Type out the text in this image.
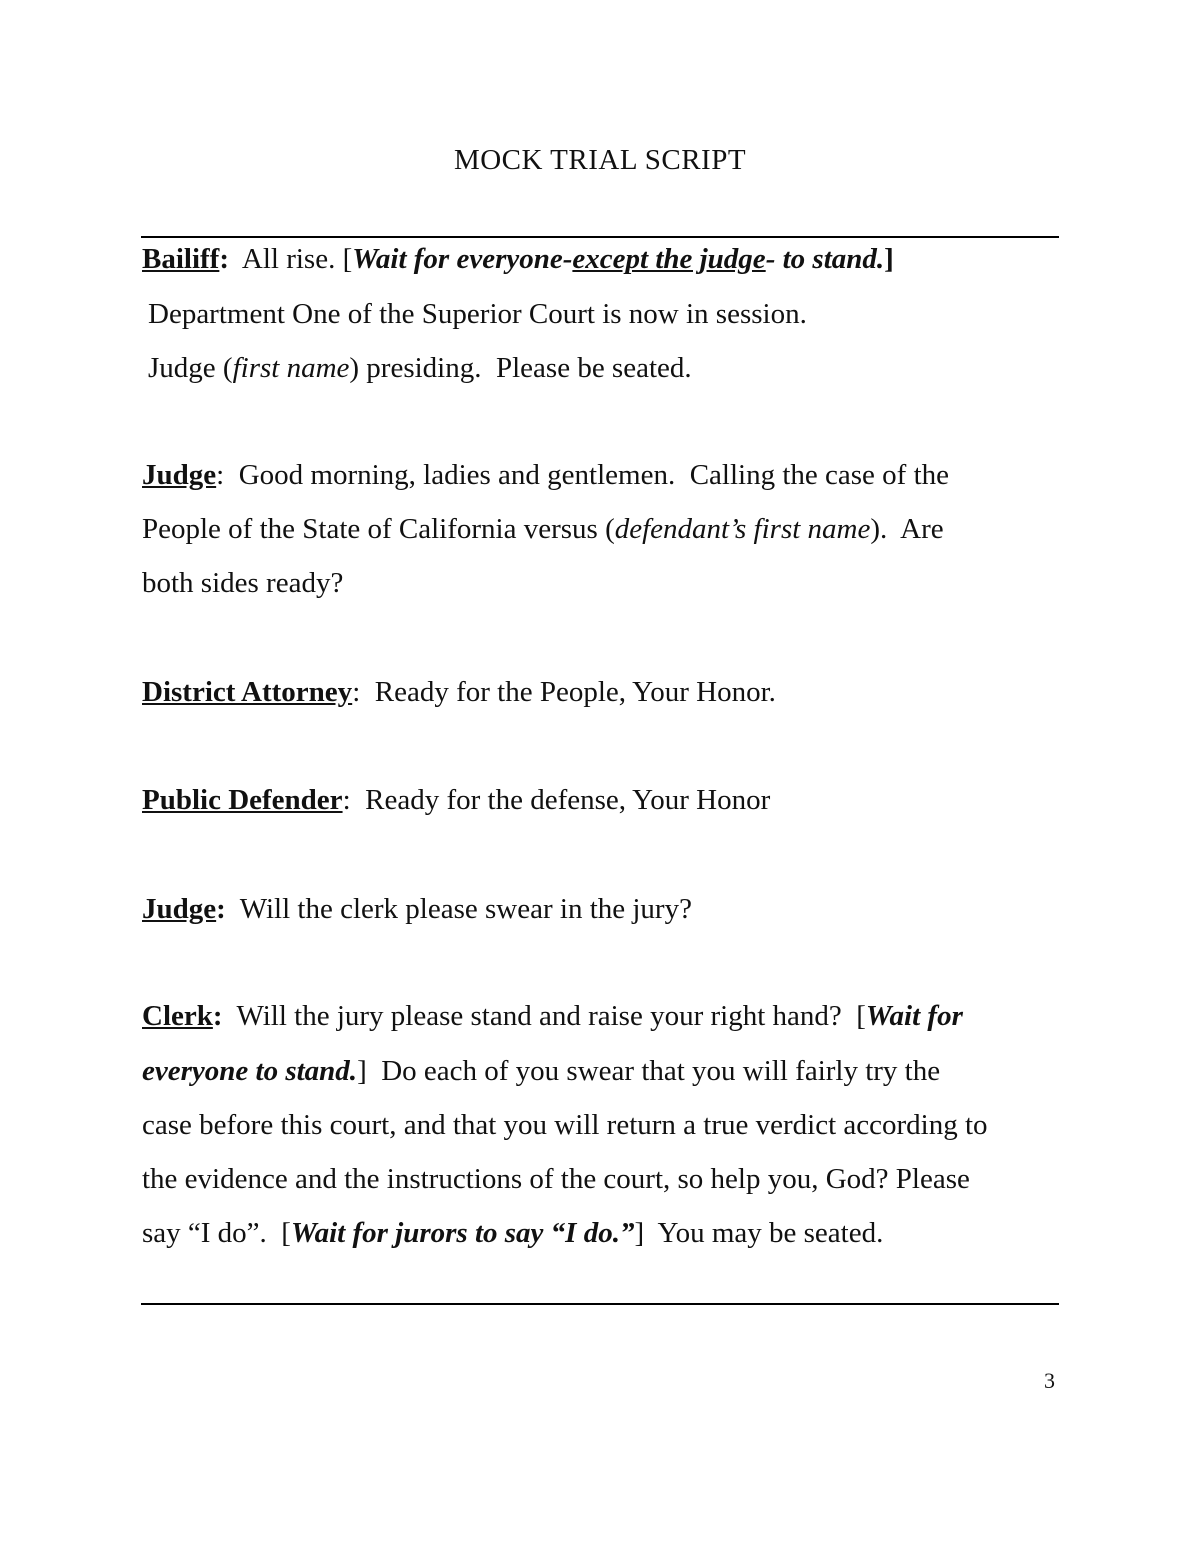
MOCK TRIAL SCRIPT
Bailiff:  All rise. [Wait for everyone-except the judge- to stand.]
Department One of the Superior Court is now in session.
Judge (first name) presiding.  Please be seated.
Judge:  Good morning, ladies and gentlemen.  Calling the case of the
People of the State of California versus (defendant’s first name).  Are
both sides ready?
District Attorney:  Ready for the People, Your Honor.
Public Defender:  Ready for the defense, Your Honor
Judge:  Will the clerk please swear in the jury?
Clerk:  Will the jury please stand and raise your right hand?  [Wait for
everyone to stand.]  Do each of you swear that you will fairly try the
case before this court, and that you will return a true verdict according to
the evidence and the instructions of the court, so help you, God? Please
say “I do”.  [Wait for jurors to say “I do.”]  You may be seated.
3
